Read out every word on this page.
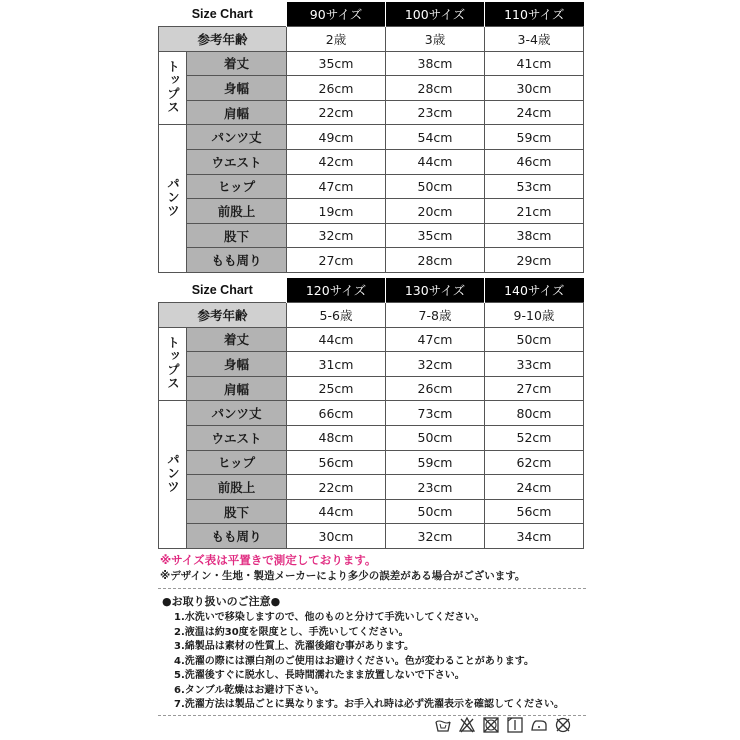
Size Chart		90サイズ	100サイズ	110サイズ
参考年齢		2歳	3歳	3-4歳
トップス	着丈	35cm	38cm	41cm
	身幅	26cm	28cm	30cm
	肩幅	22cm	23cm	24cm
パンツ	パンツ丈	49cm	54cm	59cm
	ウエスト	42cm	44cm	46cm
	ヒップ	47cm	50cm	53cm
	前股上	19cm	20cm	21cm
	股下	32cm	35cm	38cm
	もも周り	27cm	28cm	29cm
Size Chart		120サイズ	130サイズ	140サイズ
参考年齢		5-6歳	7-8歳	9-10歳
トップス	着丈	44cm	47cm	50cm
	身幅	31cm	32cm	33cm
	肩幅	25cm	26cm	27cm
パンツ	パンツ丈	66cm	73cm	80cm
	ウエスト	48cm	50cm	52cm
	ヒップ	56cm	59cm	62cm
	前股上	22cm	23cm	24cm
	股下	44cm	50cm	56cm
	もも周り	30cm	32cm	34cm
※サイズ表は平置きで測定しております。
※デザイン・生地・製造メーカーにより多少の誤差がある場合がございます。
●お取り扱いのご注意●
1.水洗いで移染しますので、他のものと分けて手洗いしてください。
2.液温は約30度を限度とし、手洗いしてください。
3.綿製品は素材の性質上、洗濯後縮む事があります。
4.洗濯の際には漂白剤のご使用はお避けください。色が変わることがあります。
5.洗濯後すぐに脱水し、長時間濡れたまま放置しないで下さい。
6.タンブル乾燥はお避け下さい。
7.洗濯方法は製品ごとに異なります。お手入れ時は必ず洗濯表示を確認してください。
